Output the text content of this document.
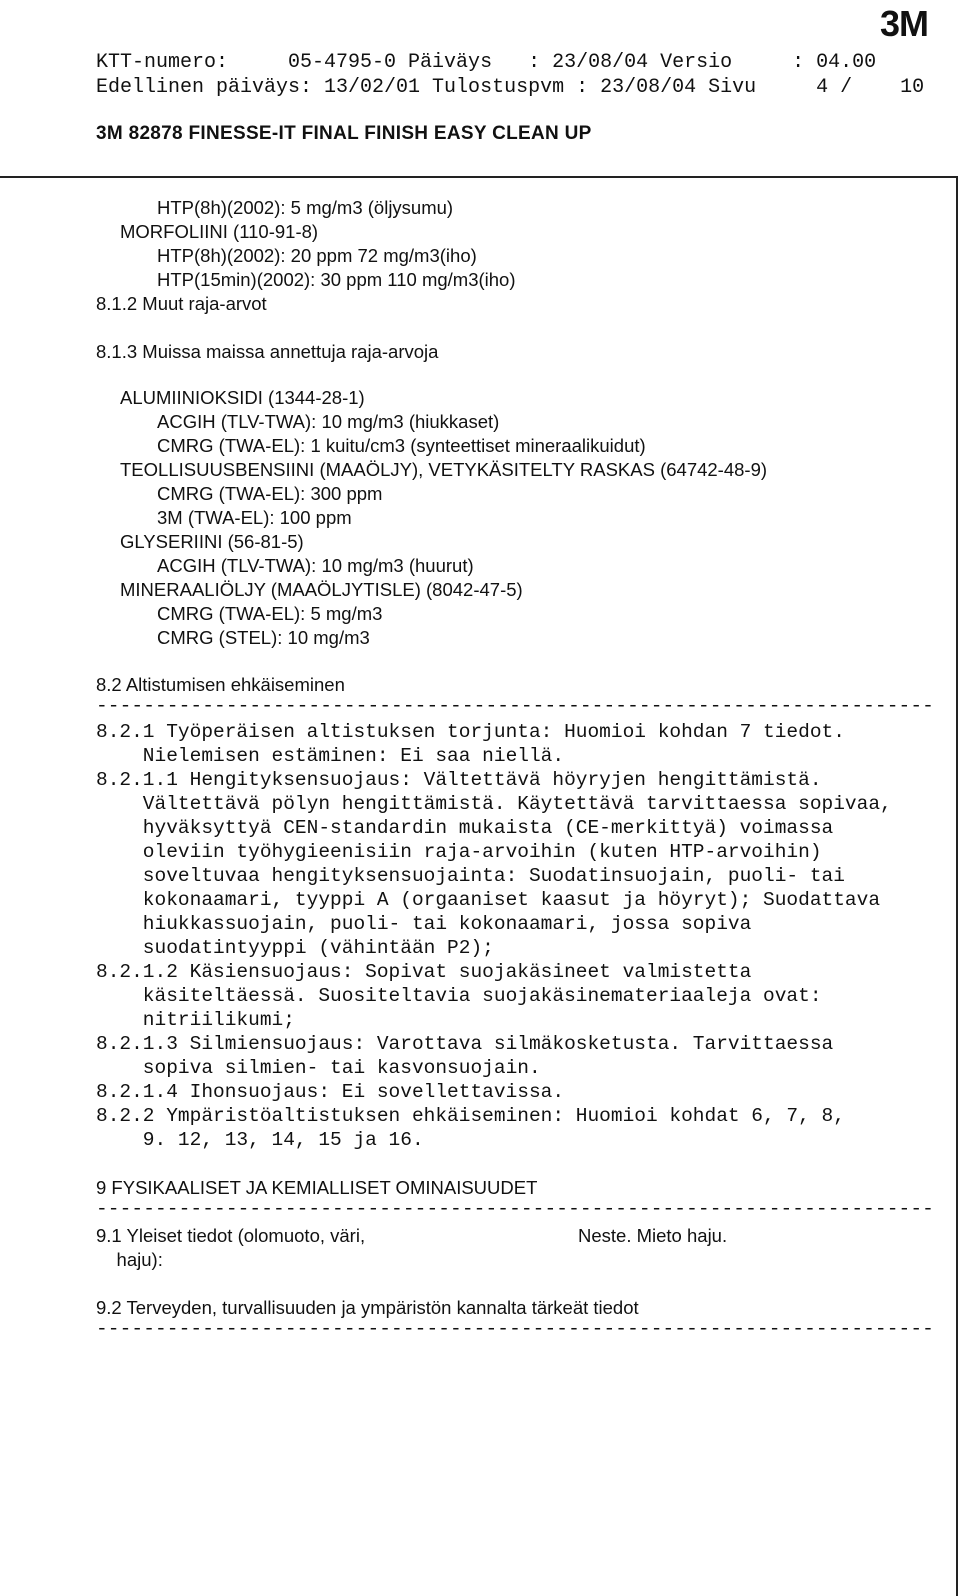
3M
KTT-numero:     05-4795-0 Päiväys   : 23/08/04 Versio     : 04.00
Edellinen päiväys: 13/02/01 Tulostuspvm : 23/08/04 Sivu     4 /    10
3M 82878 FINESSE-IT FINAL FINISH EASY CLEAN UP
HTP(8h)(2002): 5 mg/m3 (öljysumu)
MORFOLIINI (110-91-8)
HTP(8h)(2002): 20 ppm 72 mg/m3(iho)
HTP(15min)(2002): 30 ppm 110 mg/m3(iho)
8.1.2 Muut raja-arvot
8.1.3 Muissa maissa annettuja raja-arvoja
ALUMIINIOKSIDI (1344-28-1)
ACGIH (TLV-TWA): 10 mg/m3 (hiukkaset)
CMRG (TWA-EL): 1 kuitu/cm3 (synteettiset mineraalikuidut)
TEOLLISUUSBENSIINI (MAAÖLJY), VETYKÄSITELTY RASKAS (64742-48-9)
CMRG (TWA-EL): 300 ppm
3M (TWA-EL): 100 ppm
GLYSERIINI (56-81-5)
ACGIH (TLV-TWA): 10 mg/m3 (huurut)
MINERAALIÖLJY (MAAÖLJYTISLE) (8042-47-5)
CMRG (TWA-EL): 5 mg/m3
CMRG (STEL): 10 mg/m3
8.2 Altistumisen ehkäiseminen
-----------------------------------------------------------------------
8.2.1 Työperäisen altistuksen torjunta: Huomioi kohdan 7 tiedot.
Nielemisen estäminen: Ei saa niellä.
8.2.1.1 Hengityksensuojaus: Vältettävä höyryjen hengittämistä.
Vältettävä pölyn hengittämistä. Käytettävä tarvittaessa sopivaa,
hyväksyttyä CEN-standardin mukaista (CE-merkittyä) voimassa
oleviin työhygieenisiin raja-arvoihin (kuten HTP-arvoihin)
soveltuvaa hengityksensuojainta: Suodatinsuojain, puoli- tai
kokonaamari, tyyppi A (orgaaniset kaasut ja höyryt); Suodattava
hiukkassuojain, puoli- tai kokonaamari, jossa sopiva
suodatintyyppi (vähintään P2);
8.2.1.2 Käsiensuojaus: Sopivat suojakäsineet valmistetta
käsiteltäessä. Suositeltavia suojakäsinemateriaaleja ovat:
nitriilikumi;
8.2.1.3 Silmiensuojaus: Varottava silmäkosketusta. Tarvittaessa
sopiva silmien- tai kasvonsuojain.
8.2.1.4 Ihonsuojaus: Ei sovellettavissa.
8.2.2 Ympäristöaltistuksen ehkäiseminen: Huomioi kohdat 6, 7, 8,
9. 12, 13, 14, 15 ja 16.
9 FYSIKAALISET JA KEMIALLISET OMINAISUUDET
-----------------------------------------------------------------------
9.1 Yleiset tiedot (olomuoto, väri,
haju):
Neste. Mieto haju.
9.2 Terveyden, turvallisuuden ja ympäristön kannalta tärkeät tiedot
-----------------------------------------------------------------------
